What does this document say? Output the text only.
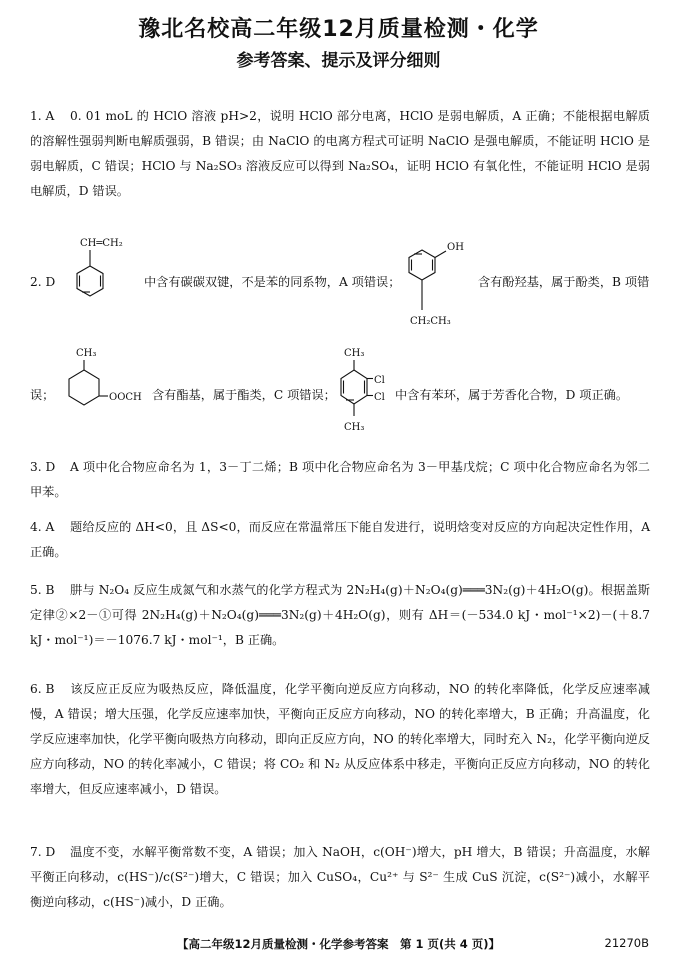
豫北名校高二年级12月质量检测・化学
参考答案、提示及评分细则
1. A 0. 01 moL 的 HClO 溶液 pH>2，说明 HClO 部分电离，HClO 是弱电解质，A 正确；不能根据电解质的溶解性强弱判断电解质强弱，B 错误；由 NaClO 的电离方程式可证明 NaClO 是强电解质，不能证明 HClO 是弱电解质，C 错误；HClO 与 Na₂SO₃ 溶液反应可以得到 Na₂SO₄，证明 HClO 有氧化性，不能证明 HClO 是弱电解质，D 错误。
2. D
CH═CH₂
中含有碳碳双键，不是苯的同系物，A 项错误；
OH
CH₂CH₃
含有酚羟基，属于酚类，B 项错
误；
CH₃
OOCH 含有酯基，属于酯类，C 项错误；
CH₃
Cl
Cl
CH₃
中含有苯环，属于芳香化合物，D 项正确。
3. D A 项中化合物应命名为 1，3－丁二烯；B 项中化合物应命名为 3－甲基戊烷；C 项中化合物应命名为邻二甲苯。
4. A 题给反应的 ΔH<0，且 ΔS<0，而反应在常温常压下能自发进行，说明焓变对反应的方向起决定性作用，A 正确。
5. B 肼与 N₂O₄ 反应生成氮气和水蒸气的化学方程式为 2N₂H₄(g)＋N₂O₄(g)═══3N₂(g)＋4H₂O(g)。根据盖斯定律②×2－①可得 2N₂H₄(g)＋N₂O₄(g)═══3N₂(g)＋4H₂O(g)，则有 ΔH＝(－534.0 kJ・mol⁻¹×2)－(＋8.7 kJ・mol⁻¹)＝－1076.7 kJ・mol⁻¹，B 正确。
6. B 该反应正反应为吸热反应，降低温度，化学平衡向逆反应方向移动，NO 的转化率降低，化学反应速率减慢，A 错误；增大压强，化学反应速率加快，平衡向正反应方向移动，NO 的转化率增大，B 正确；升高温度，化学反应速率加快，化学平衡向吸热方向移动，即向正反应方向，NO 的转化率增大，同时充入 N₂，化学平衡向逆反应方向移动，NO 的转化率减小，C 错误；将 CO₂ 和 N₂ 从反应体系中移走，平衡向正反应方向移动，NO 的转化率增大，但反应速率减小，D 错误。
7. D 温度不变，水解平衡常数不变，A 错误；加入 NaOH，c(OH⁻)增大，pH 增大，B 错误；升高温度，水解平衡正向移动，c(HS⁻)/c(S²⁻)增大，C 错误；加入 CuSO₄，Cu²⁺ 与 S²⁻ 生成 CuS 沉淀，c(S²⁻)减小，水解平衡逆向移动，c(HS⁻)减小，D 正确。
【高二年级12月质量检测・化学参考答案　第 1 页(共 4 页)】	21270B
